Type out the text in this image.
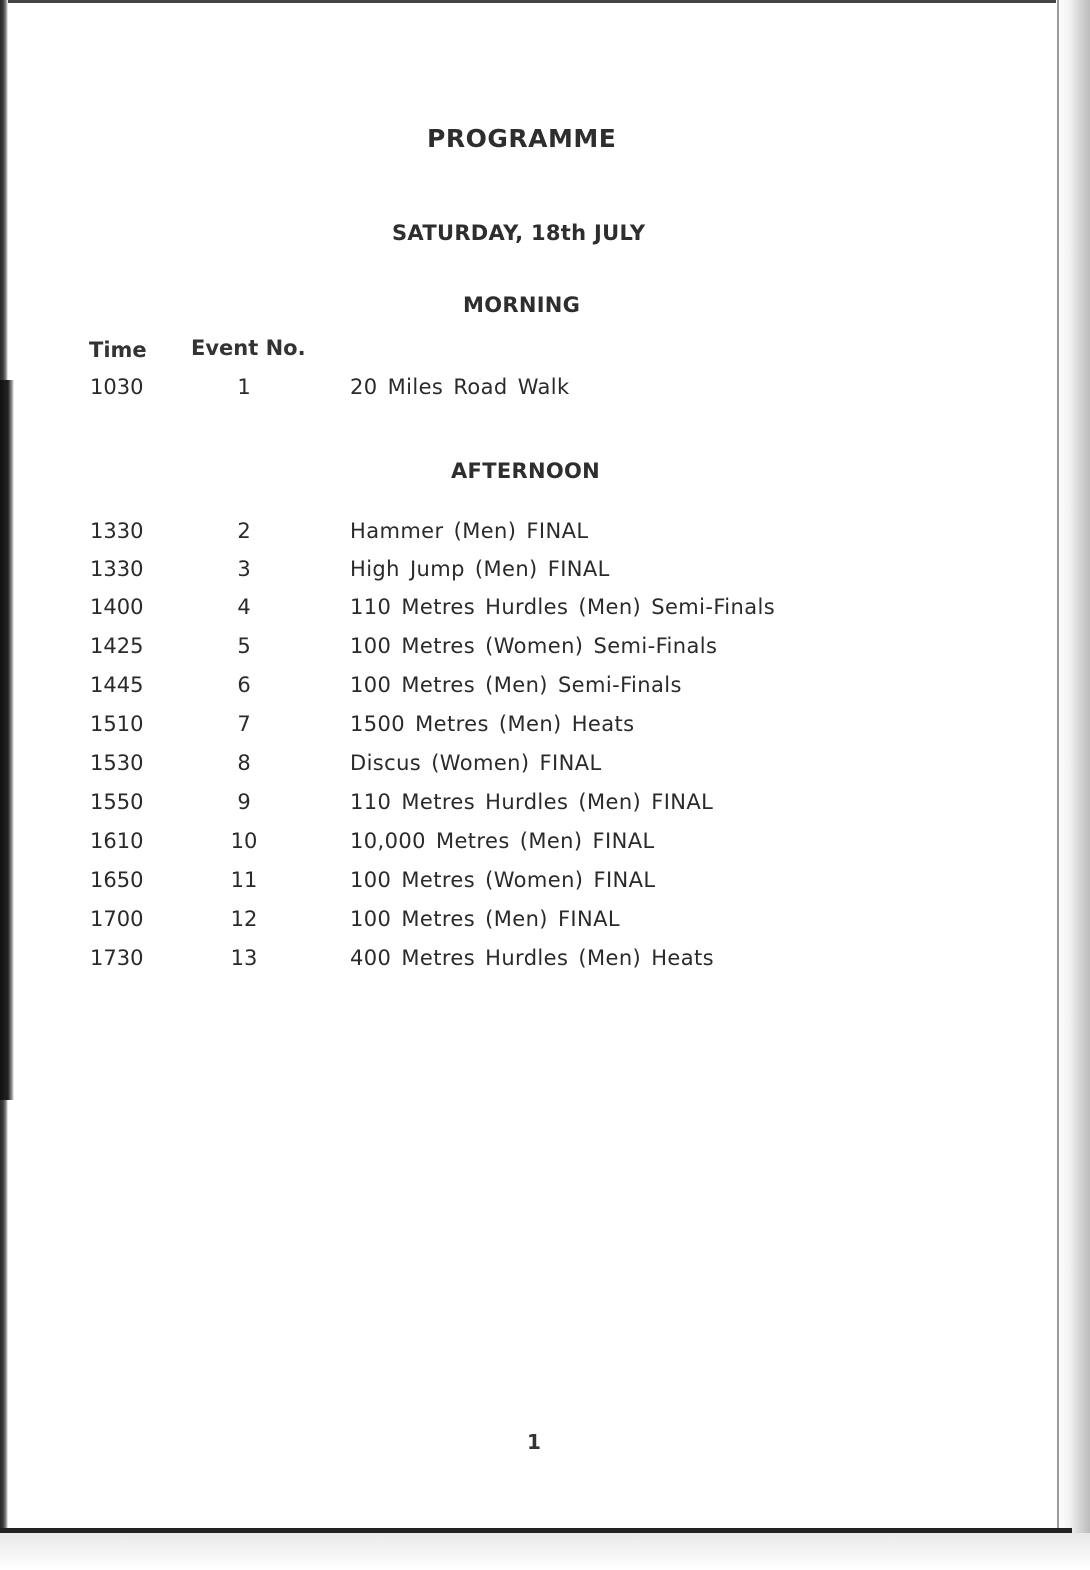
PROGRAMME
SATURDAY, 18th JULY
MORNING
Time Event No.
1030	1	20 Miles Road Walk
AFTERNOON
1330	2	Hammer (Men) FINAL
1330	3	High Jump (Men) FINAL
1400	4	110 Metres Hurdles (Men) Semi-Finals
1425	5	100 Metres (Women) Semi-Finals
1445	6	100 Metres (Men) Semi-Finals
1510	7	1500 Metres (Men) Heats
1530	8	Discus (Women) FINAL
1550	9	110 Metres Hurdles (Men) FINAL
1610	10	10,000 Metres (Men) FINAL
1650	11	100 Metres (Women) FINAL
1700	12	100 Metres (Men) FINAL
1730	13	400 Metres Hurdles (Men) Heats
1
